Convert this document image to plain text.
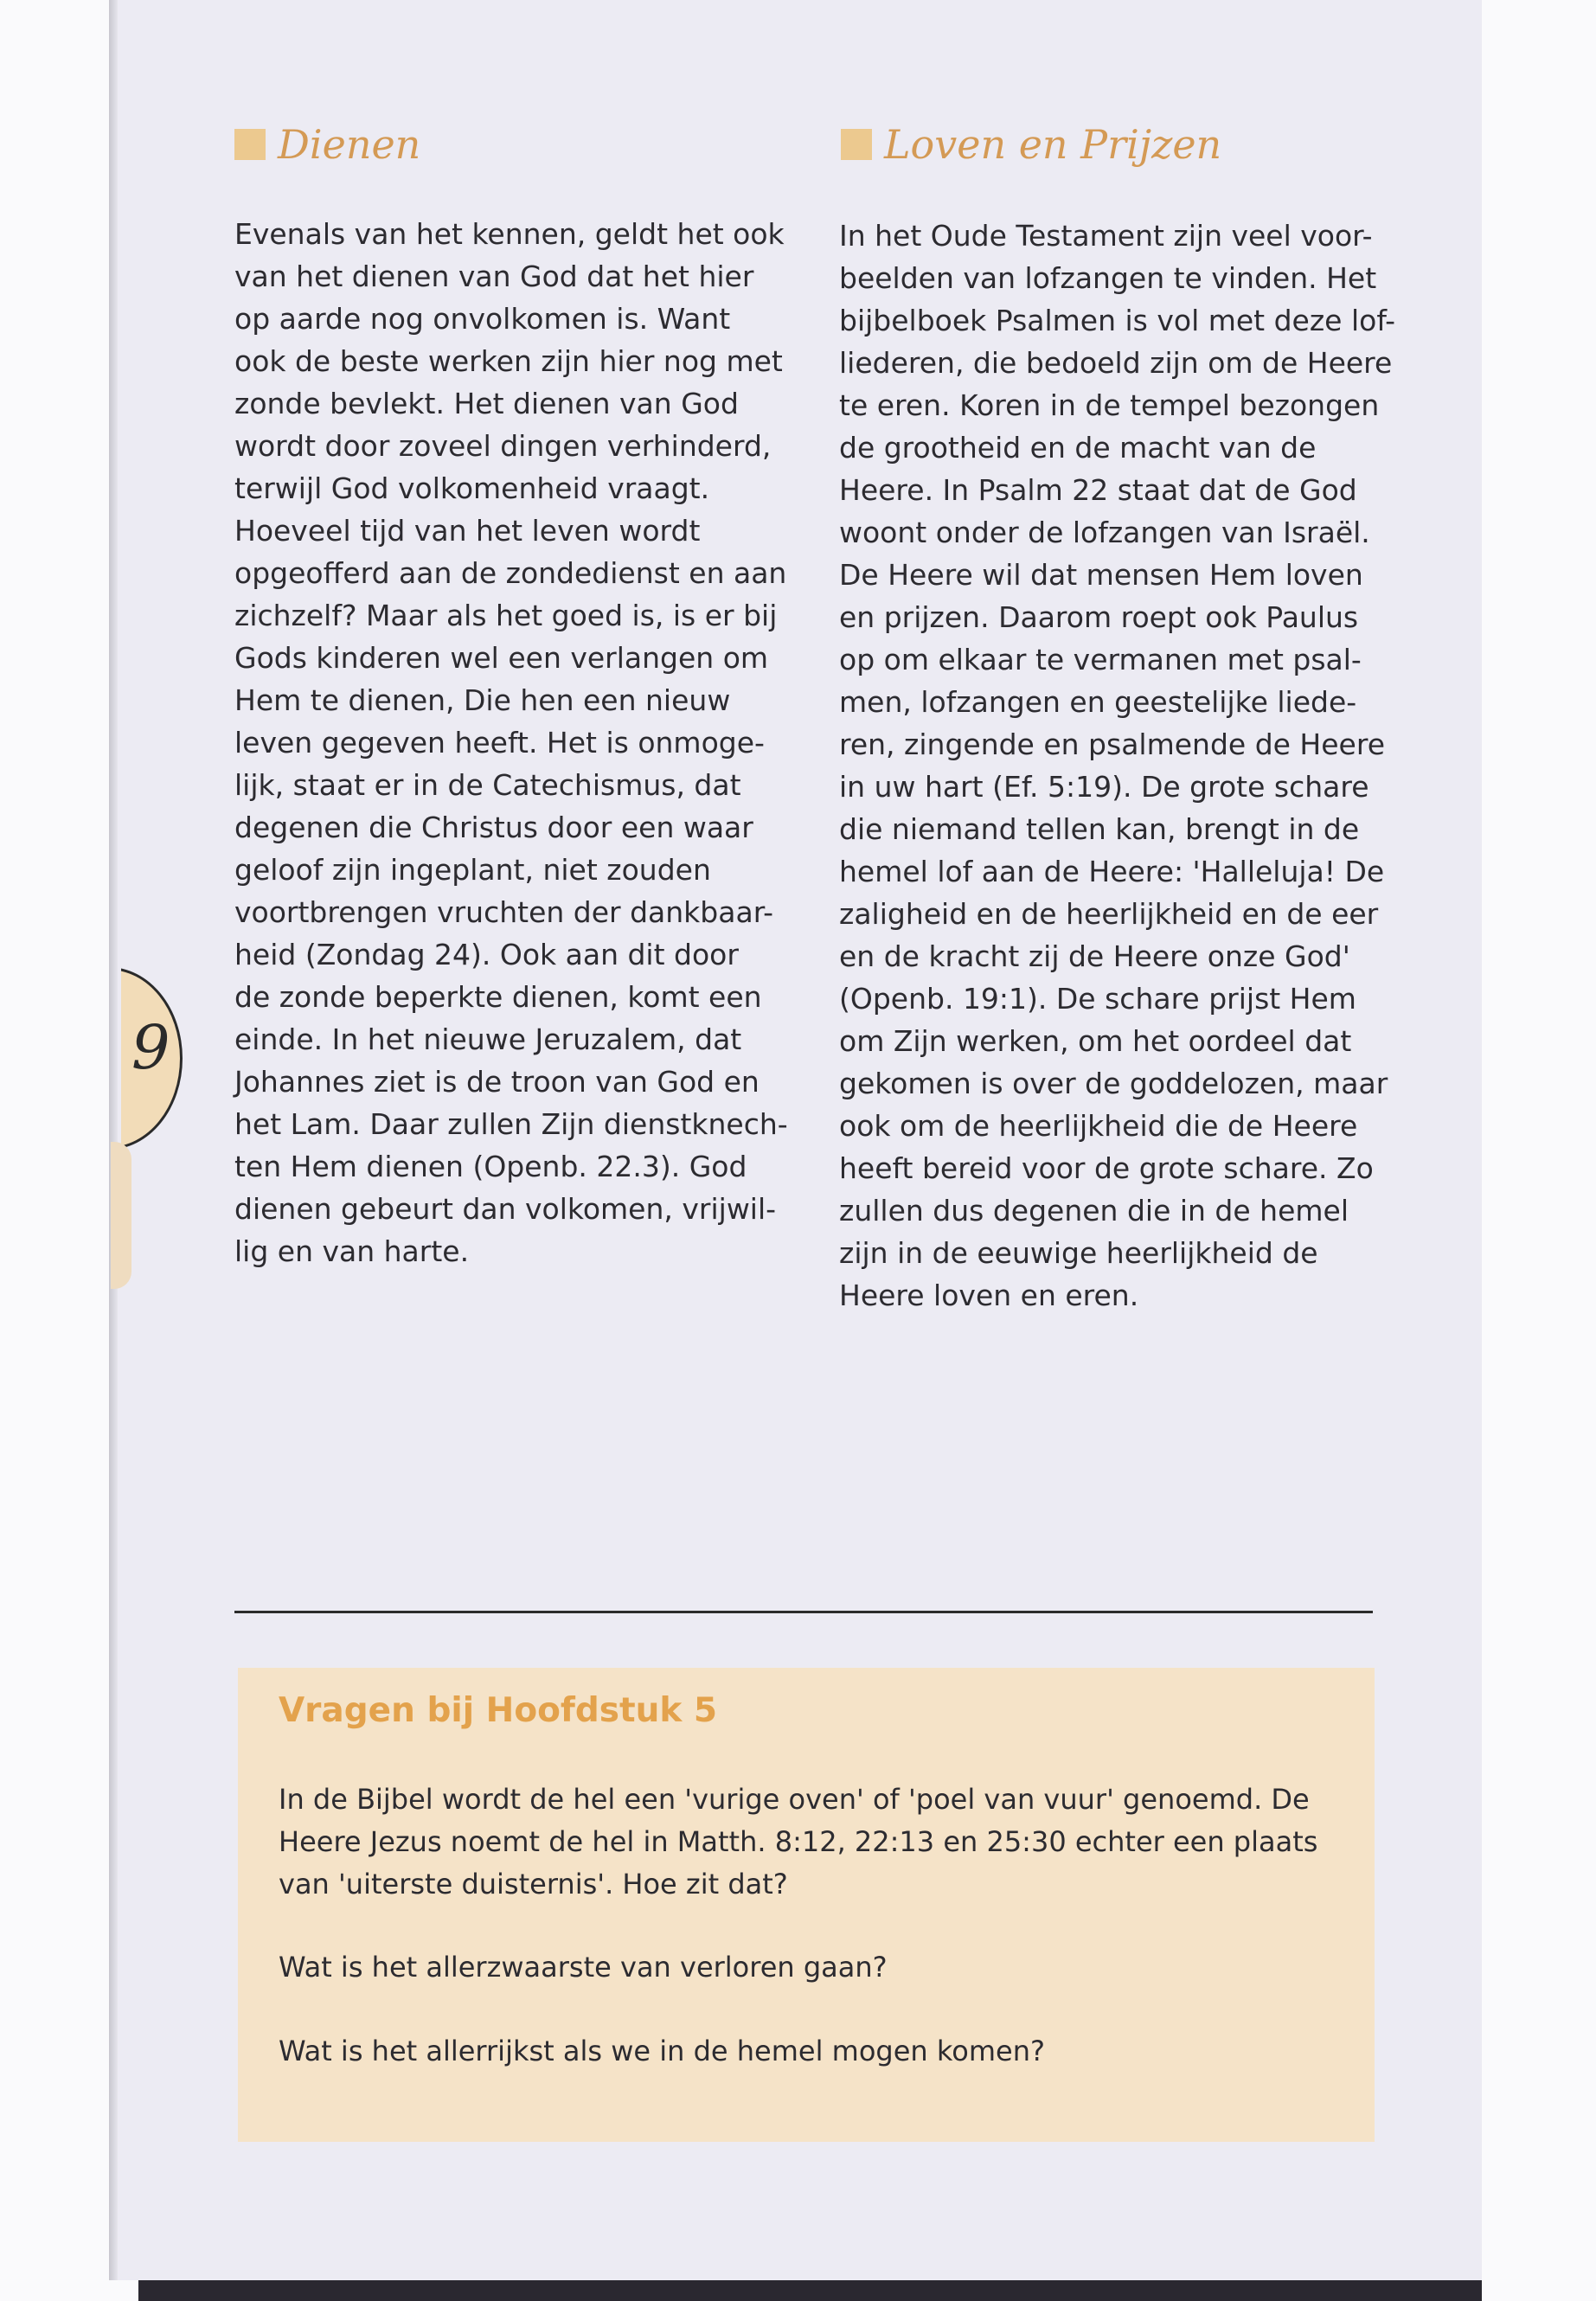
9
Dienen	Loven en Prijzen
Evenals van het kennen, geldt het ook
van het dienen van God dat het hier
op aarde nog onvolkomen is. Want
ook de beste werken zijn hier nog met
zonde bevlekt. Het dienen van God
wordt door zoveel dingen verhinderd,
terwijl God volkomenheid vraagt.
Hoeveel tijd van het leven wordt
opgeofferd aan de zondedienst en aan
zichzelf? Maar als het goed is, is er bij
Gods kinderen wel een verlangen om
Hem te dienen, Die hen een nieuw
leven gegeven heeft. Het is onmoge-
lijk, staat er in de Catechismus, dat
degenen die Christus door een waar
geloof zijn ingeplant, niet zouden
voortbrengen vruchten der dankbaar-
heid (Zondag 24). Ook aan dit door
de zonde beperkte dienen, komt een
einde. In het nieuwe Jeruzalem, dat
Johannes ziet is de troon van God en
het Lam. Daar zullen Zijn dienstknech-
ten Hem dienen (Openb. 22.3). God
dienen gebeurt dan volkomen, vrijwil-
lig en van harte.
In het Oude Testament zijn veel voor-
beelden van lofzangen te vinden. Het
bijbelboek Psalmen is vol met deze lof-
liederen, die bedoeld zijn om de Heere
te eren. Koren in de tempel bezongen
de grootheid en de macht van de
Heere. In Psalm 22 staat dat de God
woont onder de lofzangen van Israël.
De Heere wil dat mensen Hem loven
en prijzen. Daarom roept ook Paulus
op om elkaar te vermanen met psal-
men, lofzangen en geestelijke liede-
ren, zingende en psalmende de Heere
in uw hart (Ef. 5:19). De grote schare
die niemand tellen kan, brengt in de
hemel lof aan de Heere: 'Halleluja! De
zaligheid en de heerlijkheid en de eer
en de kracht zij de Heere onze God'
(Openb. 19:1). De schare prijst Hem
om Zijn werken, om het oordeel dat
gekomen is over de goddelozen, maar
ook om de heerlijkheid die de Heere
heeft bereid voor de grote schare. Zo
zullen dus degenen die in de hemel
zijn in de eeuwige heerlijkheid de
Heere loven en eren.
Vragen bij Hoofdstuk 5
In de Bijbel wordt de hel een 'vurige oven' of 'poel van vuur' genoemd. De
Heere Jezus noemt de hel in Matth. 8:12, 22:13 en 25:30 echter een plaats
van 'uiterste duisternis'. Hoe zit dat?
Wat is het allerzwaarste van verloren gaan?
Wat is het allerrijkst als we in de hemel mogen komen?
